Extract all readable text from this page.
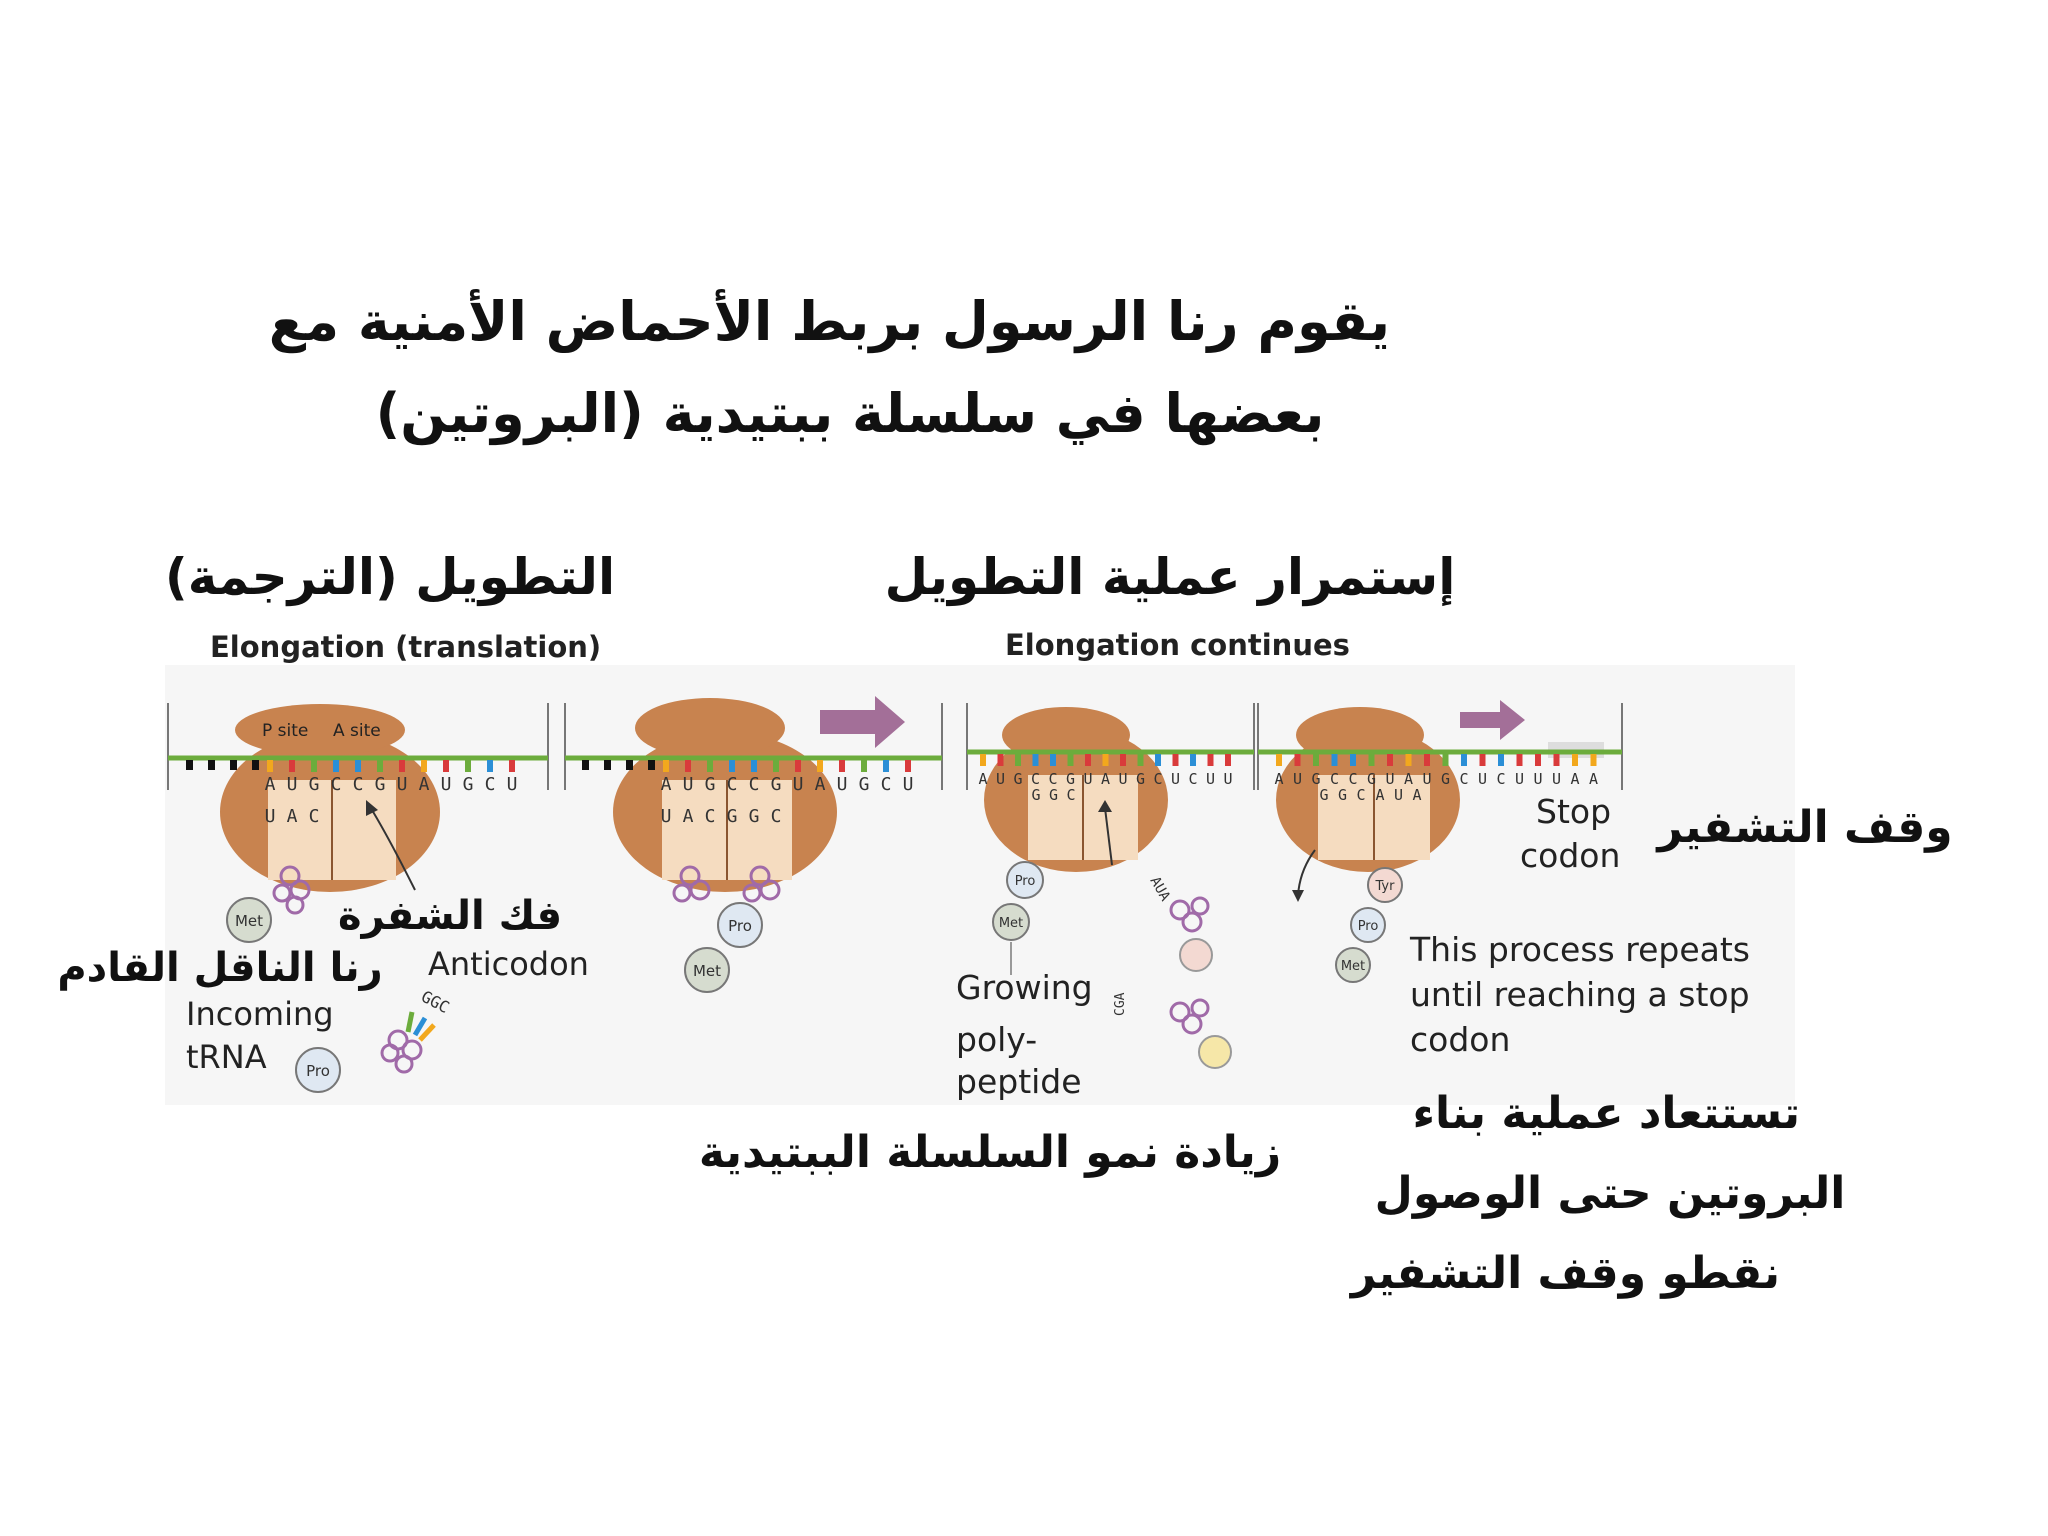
يقوم رنا الرسول بربط الأحماض الأمنية مع
بعضها في سلسلة ببتيدية (البروتين)
التطويل (الترجمة)
Elongation (translation)
إستمرار عملية التطويل
Elongation continues
P site A site
A U G C C G U A U G C U
U A C
Met
GGC
Pro
A U G C C G U A U G C U
U A C G G C
Pro
Met
A U G C C G U A U G C U C U U
G G C
Pro
Met
AUA
CGA
A U G C C G U A U G C U C U U U A A
G G C A U A
Tyr
Pro
Met
فك الشفرة
Anticodon
رنا الناقل القادم
Incoming
tRNA
Growing
poly-
peptide
زيادة نمو السلسلة الببتيدية
Stop
codon
وقف التشفير
This process repeats
until reaching a stop
codon
تستتعاد عملية بناء
البروتين حتى الوصول
نقطو وقف التشفير
